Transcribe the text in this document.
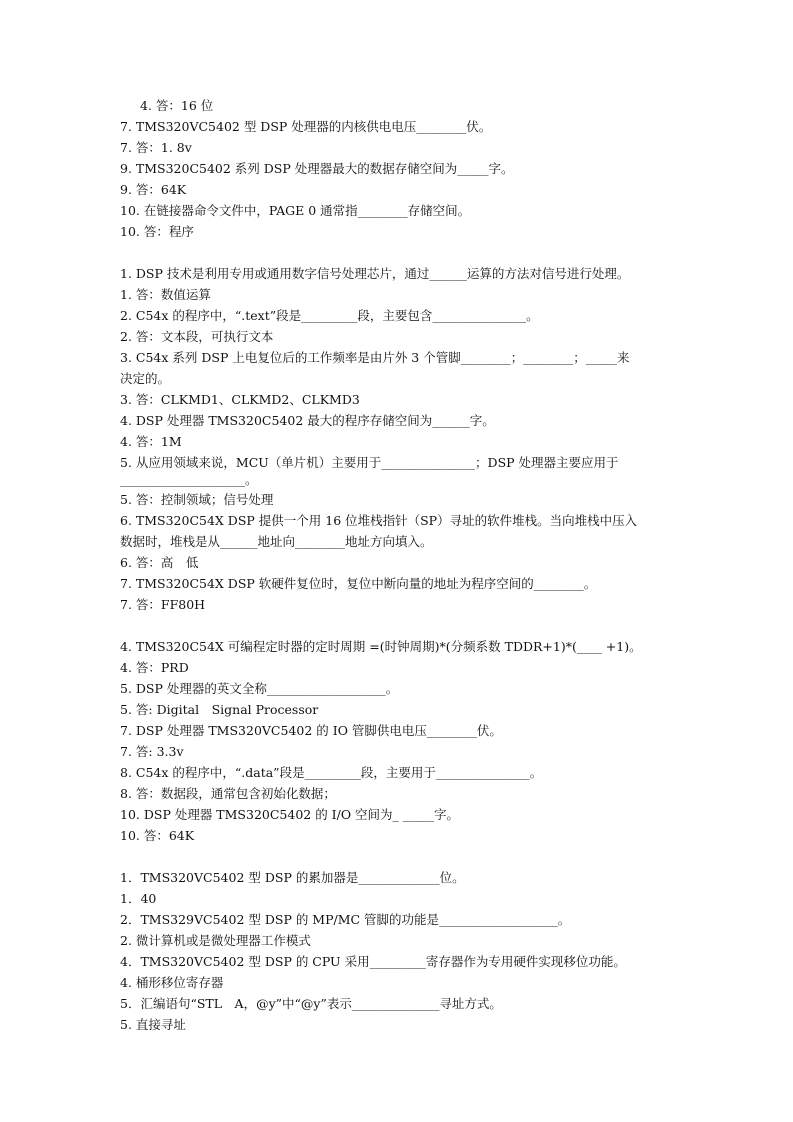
4. 答：16 位
7. TMS320VC5402 型 DSP 处理器的内核供电电压________伏。
7. 答：1. 8v
9. TMS320C5402 系列 DSP 处理器最大的数据存储空间为_____字。
9. 答：64K
10. 在链接器命令文件中，PAGE 0 通常指________存储空间。
10. 答：程序
1. DSP 技术是利用专用或通用数字信号处理芯片，通过______运算的方法对信号进行处理。
1. 答：数值运算
2. C54x 的程序中，“.text”段是_________段，主要包含_______________。
2. 答：文本段，可执行文本
3. C54x 系列 DSP 上电复位后的工作频率是由片外 3 个管脚________；________；_____来
决定的。
3. 答：CLKMD1、CLKMD2、CLKMD3
4. DSP 处理器 TMS320C5402 最大的程序存储空间为______字。
4. 答：1M
5. 从应用领域来说，MCU（单片机）主要用于_______________；DSP 处理器主要应用于
____________________。
5. 答：控制领域；信号处理
6. TMS320C54X DSP 提供一个用 16 位堆栈指针（SP）寻址的软件堆栈。当向堆栈中压入
数据时，堆栈是从______地址向________地址方向填入。
6. 答：高　低
7. TMS320C54X DSP 软硬件复位时，复位中断向量的地址为程序空间的________。
7. 答：FF80H
4. TMS320C54X 可编程定时器的定时周期 =(时钟周期)*(分频系数 TDDR+1)*(____ +1)。
4. 答：PRD
5. DSP 处理器的英文全称___________________。
5. 答: Digital　Signal Processor
7. DSP 处理器 TMS320VC5402 的 IO 管脚供电电压________伏。
7. 答: 3.3v
8. C54x 的程序中，“.data”段是_________段，主要用于_______________。
8. 答：数据段，通常包含初始化数据；
10. DSP 处理器 TMS320C5402 的 I/O 空间为_ _____字。
10. 答：64K
1．TMS320VC5402 型 DSP 的累加器是_____________位。
1．40
2．TMS329VC5402 型 DSP 的 MP/MC 管脚的功能是___________________。
2. 微计算机或是微处理器工作模式
4．TMS320VC5402 型 DSP 的 CPU 采用_________寄存器作为专用硬件实现移位功能。
4. 桶形移位寄存器
5．汇编语句“STL　A，@y”中“@y”表示______________寻址方式。
5. 直接寻址
